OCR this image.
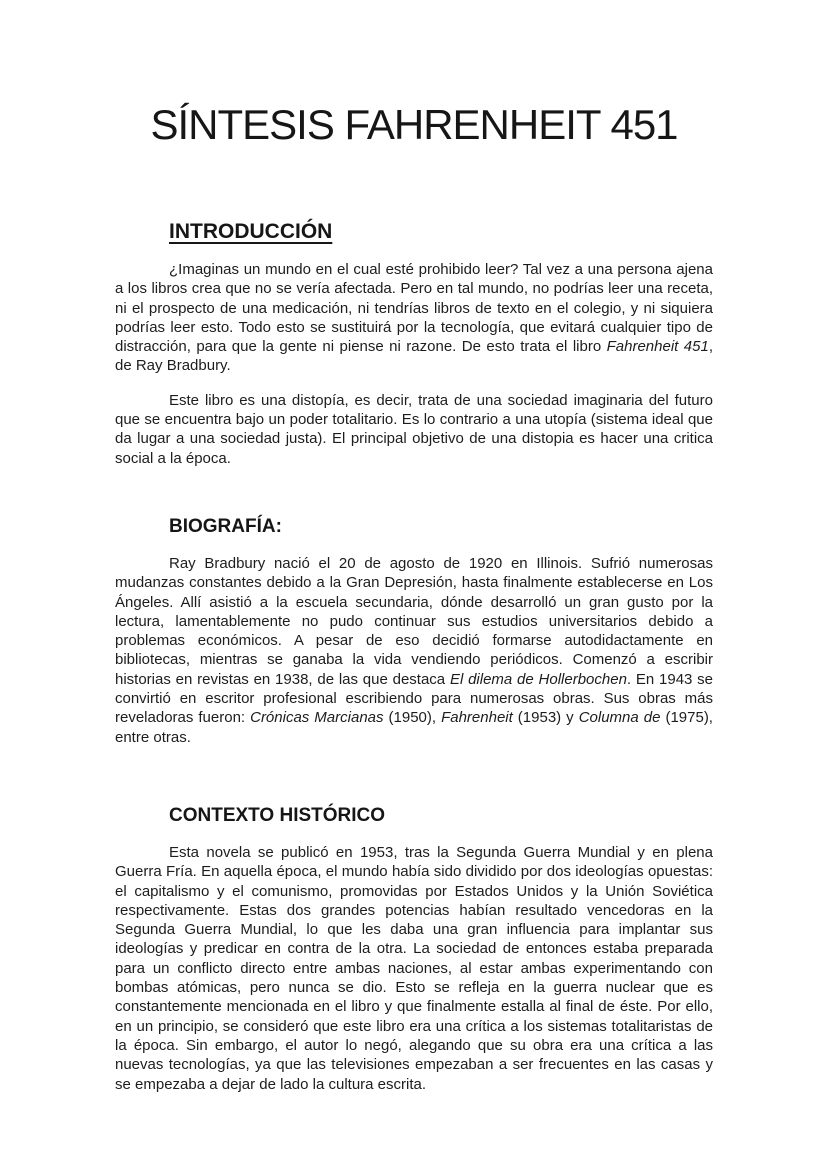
SÍNTESIS FAHRENHEIT 451
INTRODUCCIÓN

¿Imaginas un mundo en el cual esté prohibido leer? Tal vez a una persona ajena a los libros crea que no se vería afectada. Pero en tal mundo, no podrías leer una receta, ni el prospecto de una medicación, ni tendrías libros de texto en el colegio, y ni siquiera podrías leer esto. Todo esto se sustituirá por la tecnología, que evitará cualquier tipo de distracción, para que la gente ni piense ni razone. De esto trata el libro Fahrenheit 451, de Ray Bradbury.

Este libro es una distopía, es decir, trata de una sociedad imaginaria del futuro que se encuentra bajo un poder totalitario. Es lo contrario a una utopía (sistema ideal que da lugar a una sociedad justa). El principal objetivo de una distopia es hacer una critica social a la época.

BIOGRAFÍA:

Ray Bradbury nació el 20 de agosto de 1920 en Illinois. Sufrió numerosas mudanzas constantes debido a la Gran Depresión, hasta finalmente establecerse en Los Ángeles. Allí asistió a la escuela secundaria, dónde desarrolló un gran gusto por la lectura, lamentablemente no pudo continuar sus estudios universitarios debido a problemas económicos. A pesar de eso decidió formarse autodidactamente en bibliotecas, mientras se ganaba la vida vendiendo periódicos. Comenzó a escribir historias en revistas en 1938, de las que destaca El dilema de Hollerbochen. En 1943 se convirtió en escritor profesional escribiendo para numerosas obras. Sus obras más reveladoras fueron: Crónicas Marcianas (1950), Fahrenheit (1953) y Columna de (1975), entre otras.

CONTEXTO HISTÓRICO

Esta novela se publicó en 1953, tras la Segunda Guerra Mundial y en plena Guerra Fría. En aquella época, el mundo había sido dividido por dos ideologías opuestas: el capitalismo y el comunismo, promovidas por Estados Unidos y la Unión Soviética respectivamente. Estas dos grandes potencias habían resultado vencedoras en la Segunda Guerra Mundial, lo que les daba una gran influencia para implantar sus ideologías y predicar en contra de la otra. La sociedad de entonces estaba preparada para un conflicto directo entre ambas naciones, al estar ambas experimentando con bombas atómicas, pero nunca se dio. Esto se refleja en la guerra nuclear que es constantemente mencionada en el libro y que finalmente estalla al final de éste. Por ello, en un principio, se consideró que este libro era una crítica a los sistemas totalitaristas de la época. Sin embargo, el autor lo negó, alegando que su obra era una crítica a las nuevas tecnologías, ya que las televisiones empezaban a ser frecuentes en las casas y se empezaba a dejar de lado la cultura escrita.
